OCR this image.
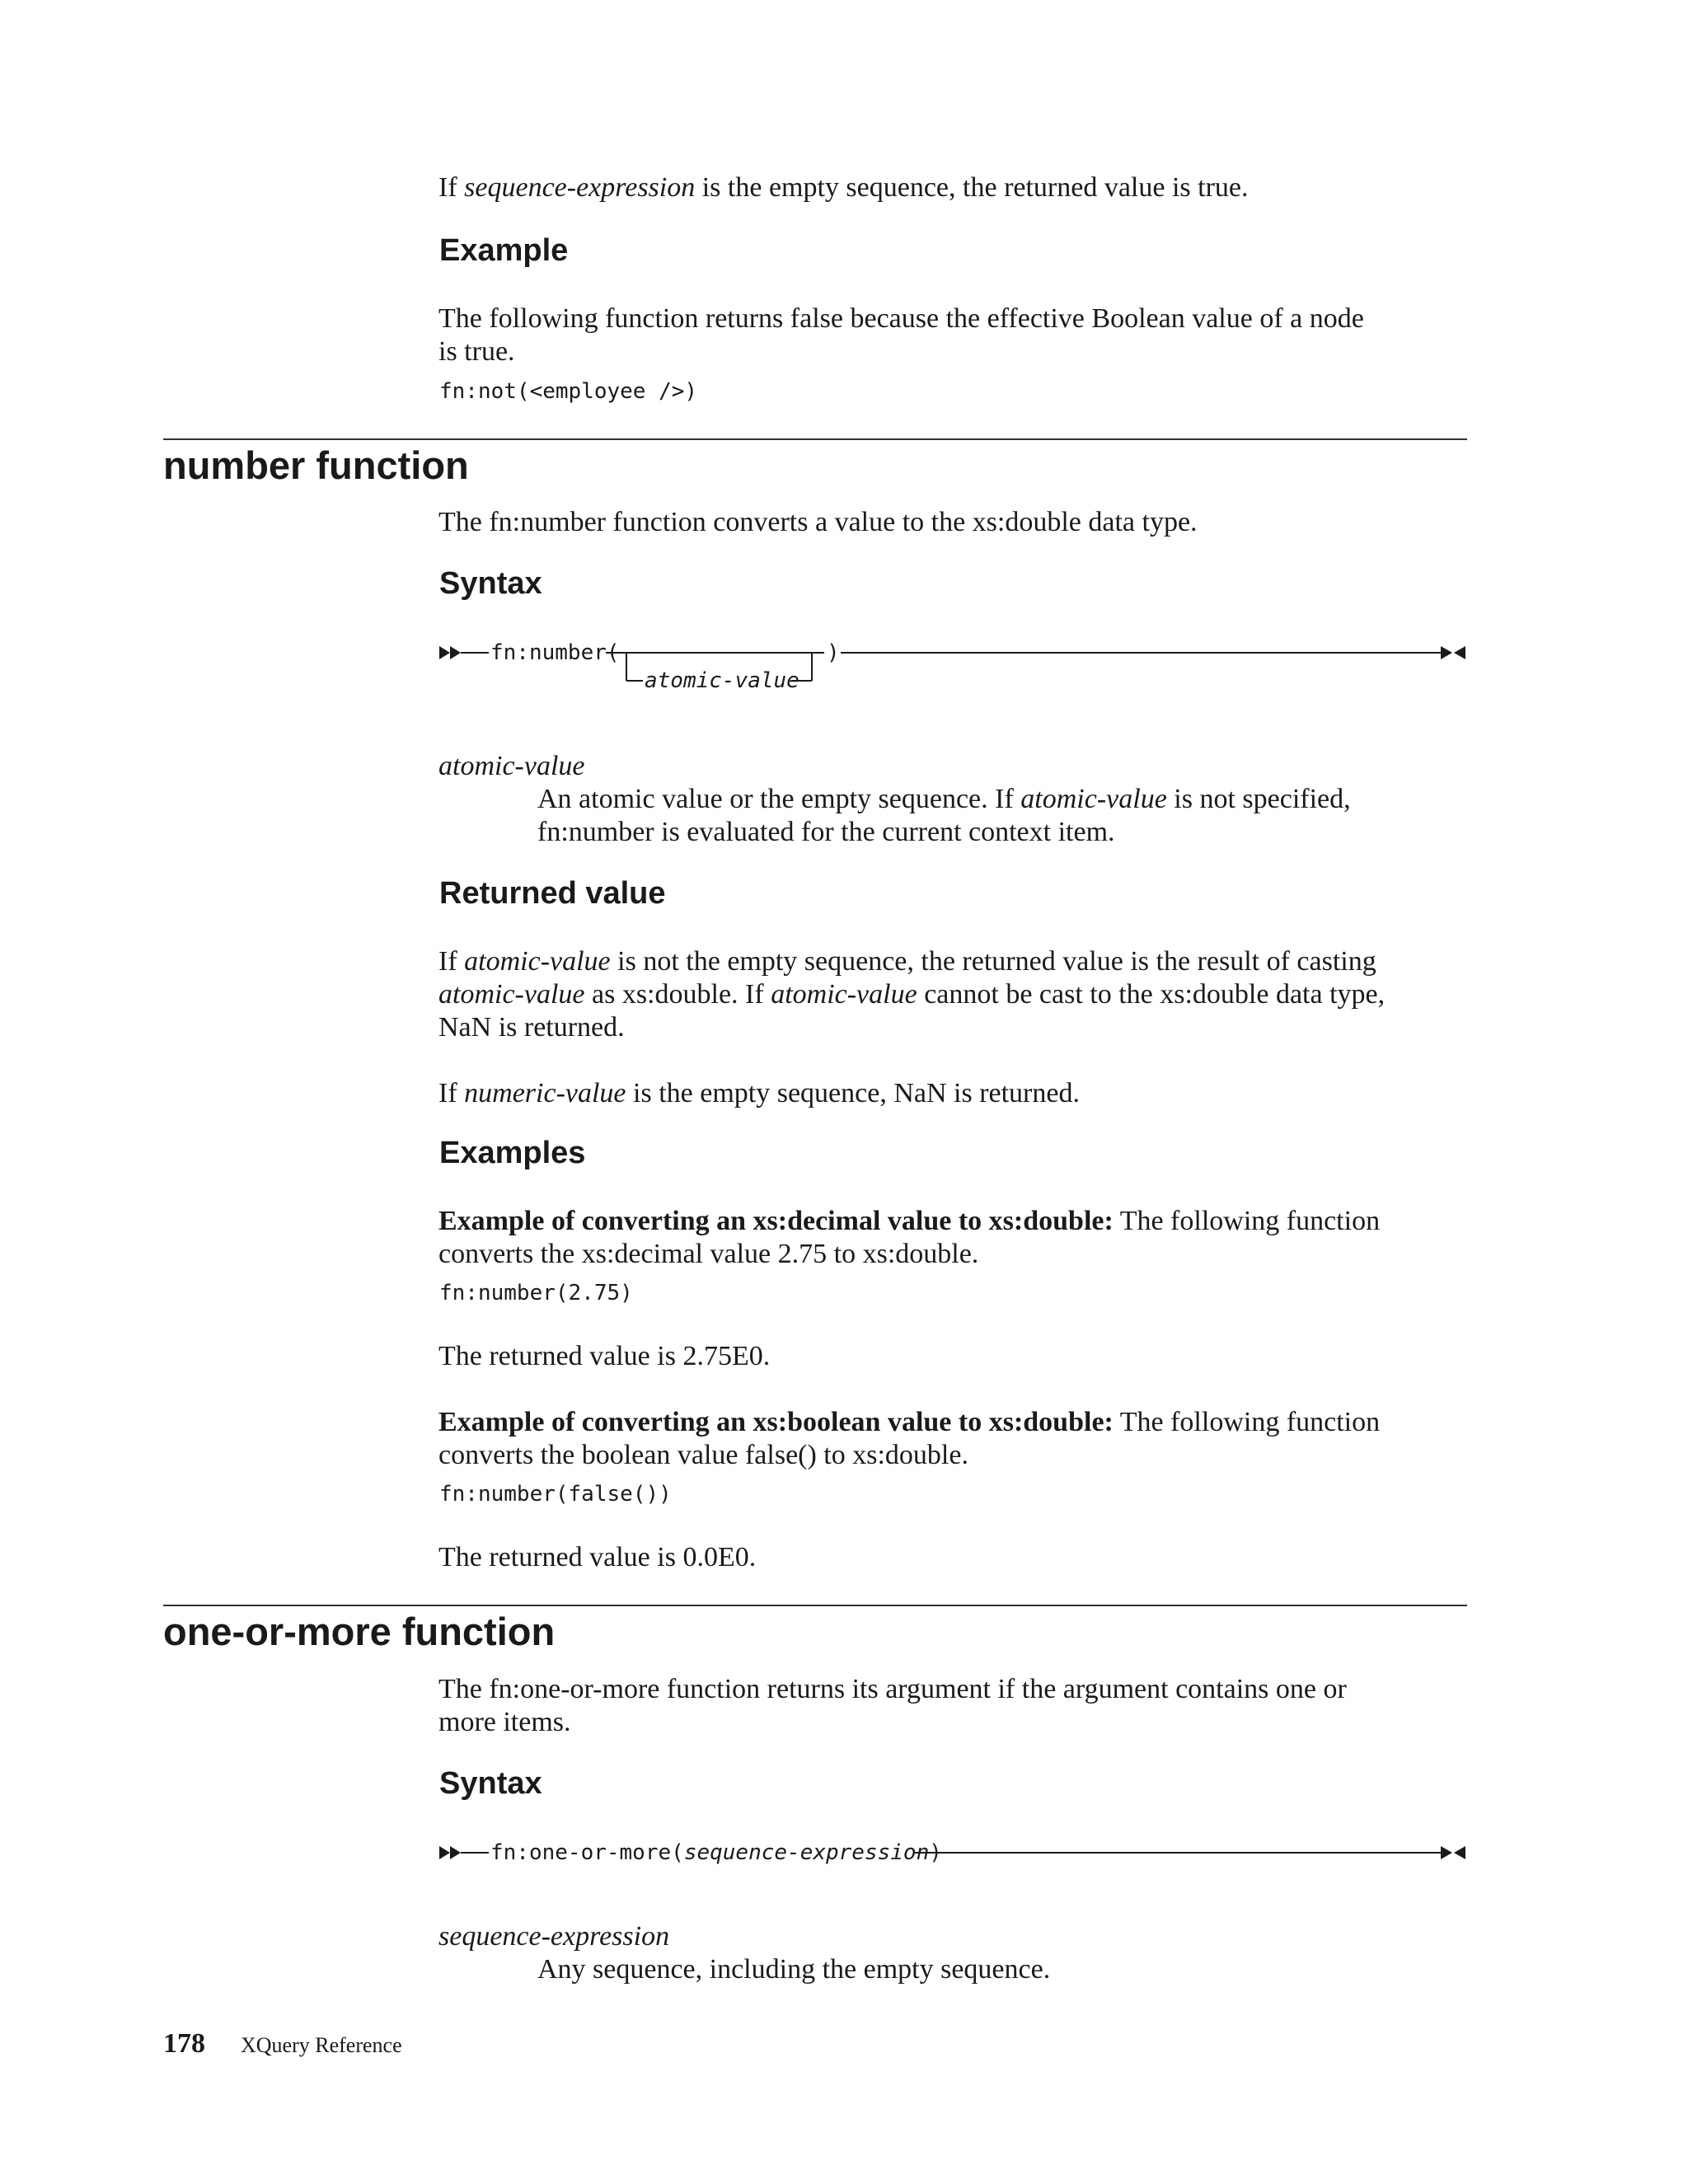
If sequence-expression is the empty sequence, the returned value is true.
Example
The following function returns false because the effective Boolean value of a node
is true.
fn:not(<employee />)
number function
The fn:number function converts a value to the xs:double data type.
Syntax
fn:number(
atomic-value
)
atomic-value
An atomic value or the empty sequence. If atomic-value is not specified,
fn:number is evaluated for the current context item.
Returned value
If atomic-value is not the empty sequence, the returned value is the result of casting
atomic-value as xs:double. If atomic-value cannot be cast to the xs:double data type,
NaN is returned.
If numeric-value is the empty sequence, NaN is returned.
Examples
Example of converting an xs:decimal value to xs:double: The following function
converts the xs:decimal value 2.75 to xs:double.
fn:number(2.75)
The returned value is 2.75E0.
Example of converting an xs:boolean value to xs:double: The following function
converts the boolean value false() to xs:double.
fn:number(false())
The returned value is 0.0E0.
one-or-more function
The fn:one-or-more function returns its argument if the argument contains one or
more items.
Syntax
fn:one-or-more(sequence-expression)
sequence-expression
Any sequence, including the empty sequence.
178 XQuery Reference
